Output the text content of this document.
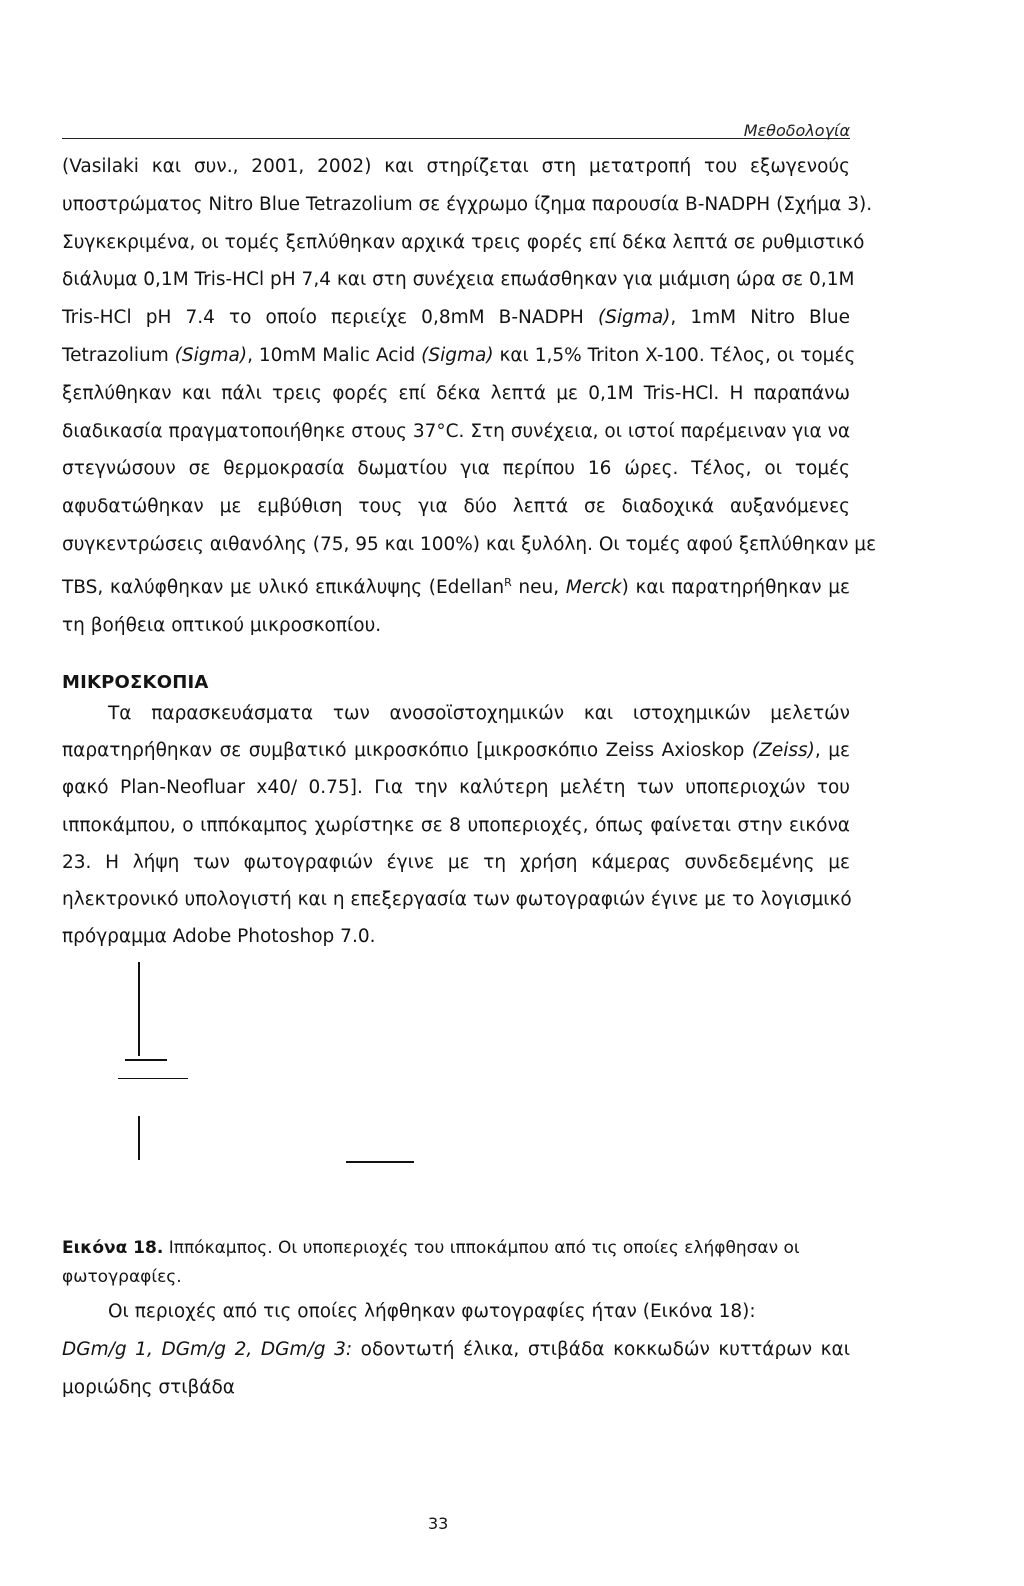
Μεθοδολογία
(Vasilaki και συν., 2001, 2002) και στηρίζεται στη μετατροπή του εξωγενούς
υποστρώματος Nitro Blue Tetrazolium σε έγχρωμο ίζημα παρουσία B-NADPH (Σχήμα 3).
Συγκεκριμένα, οι τομές ξεπλύθηκαν αρχικά τρεις φορές επί δέκα λεπτά σε ρυθμιστικό
διάλυμα 0,1M Tris-HCl pH 7,4 και στη συνέχεια επωάσθηκαν για μιάμιση ώρα σε 0,1M
Tris-HCl pH 7.4 το οποίο περιείχε 0,8mM B-NADPH (Sigma), 1mM Nitro Blue
Tetrazolium (Sigma), 10mM Malic Acid (Sigma) και 1,5% Triton X-100. Τέλος, οι τομές
ξεπλύθηκαν και πάλι τρεις φορές επί δέκα λεπτά με 0,1M Tris-HCl. Η παραπάνω
διαδικασία πραγματοποιήθηκε στους 37°C. Στη συνέχεια, οι ιστοί παρέμειναν για να
στεγνώσουν σε θερμοκρασία δωματίου για περίπου 16 ώρες. Τέλος, οι τομές
αφυδατώθηκαν με εμβύθιση τους για δύο λεπτά σε διαδοχικά αυξανόμενες
συγκεντρώσεις αιθανόλης (75, 95 και 100%) και ξυλόλη. Οι τομές αφού ξεπλύθηκαν με
TBS, καλύφθηκαν με υλικό επικάλυψης (Edellan$^R$ neu, Merck) και παρατηρήθηκαν με
τη βοήθεια οπτικού μικροσκοπίου.
ΜΙΚΡΟΣΚΟΠΙΑ
Τα παρασκευάσματα των ανοσοϊστοχημικών και ιστοχημικών μελετών
παρατηρήθηκαν σε συμβατικό μικροσκόπιο [μικροσκόπιο Zeiss Axioskop (Zeiss), με
φακό Plan-Neofluar x40/ 0.75]. Για την καλύτερη μελέτη των υποπεριοχών του
ιπποκάμπου, ο ιππόκαμπος χωρίστηκε σε 8 υποπεριοχές, όπως φαίνεται στην εικόνα
23. Η λήψη των φωτογραφιών έγινε με τη χρήση κάμερας συνδεδεμένης με
ηλεκτρονικό υπολογιστή και η επεξεργασία των φωτογραφιών έγινε με το λογισμικό
πρόγραμμα Adobe Photoshop 7.0.
Εικόνα 18. Ιππόκαμπος. Οι υποπεριοχές του ιπποκάμπου από τις οποίες ελήφθησαν οι
φωτογραφίες.
Οι περιοχές από τις οποίες λήφθηκαν φωτογραφίες ήταν (Εικόνα 18):
DGm/g 1, DGm/g 2, DGm/g 3: οδοντωτή έλικα, στιβάδα κοκκωδών κυττάρων και
μοριώδης στιβάδα
33
